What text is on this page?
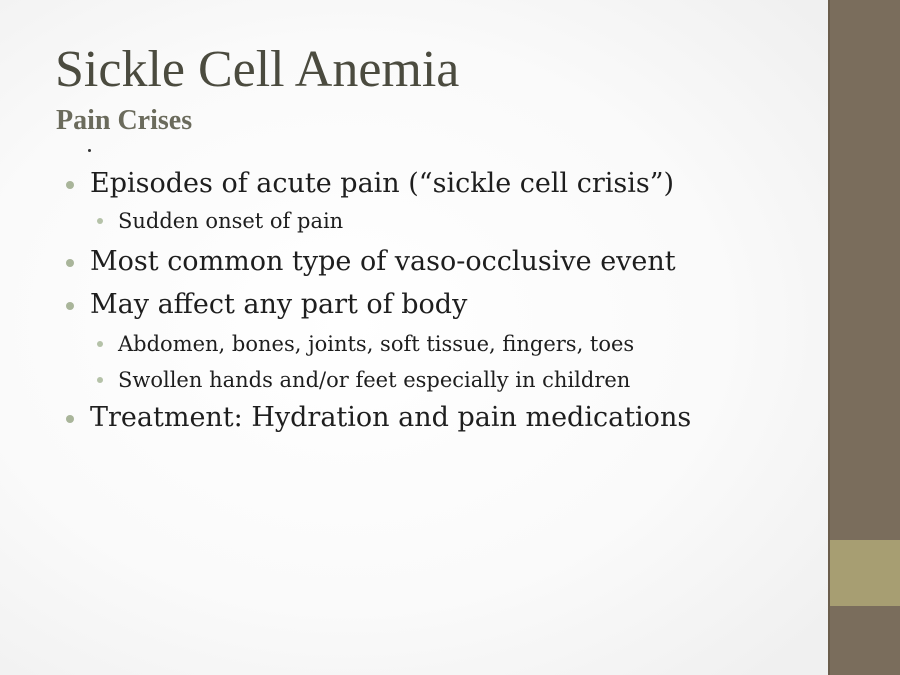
Sickle Cell Anemia
Pain Crises
Episodes of acute pain (“sickle cell crisis”)
Sudden onset of pain
Most common type of vaso-occlusive event
May affect any part of body
Abdomen, bones, joints, soft tissue, fingers, toes
Swollen hands and/or feet especially in children
Treatment: Hydration and pain medications
